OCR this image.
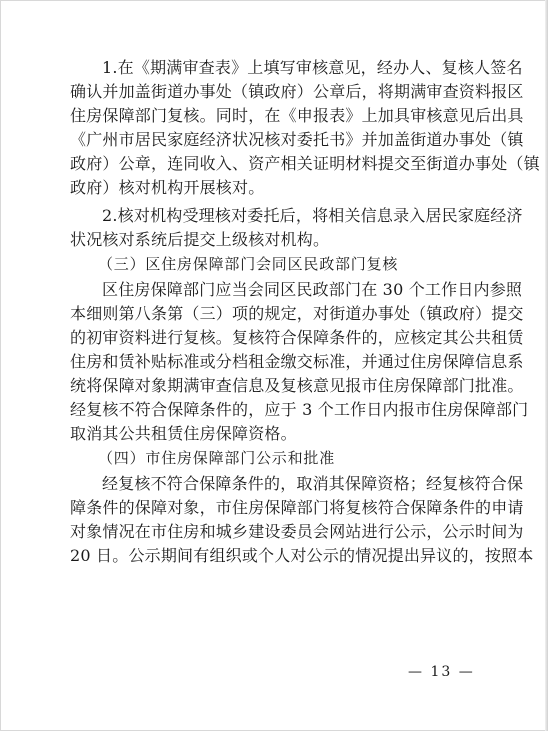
1.在《期满审查表》上填写审核意见，经办人、复核人签名
确认并加盖街道办事处（镇政府）公章后，将期满审查资料报区
住房保障部门复核。同时，在《申报表》上加具审核意见后出具
《广州市居民家庭经济状况核对委托书》并加盖街道办事处（镇
政府）公章，连同收入、资产相关证明材料提交至街道办事处（镇
政府）核对机构开展核对。
2.核对机构受理核对委托后，将相关信息录入居民家庭经济
状况核对系统后提交上级核对机构。
（三）区住房保障部门会同区民政部门复核
区住房保障部门应当会同区民政部门在 30 个工作日内参照
本细则第八条第（三）项的规定，对街道办事处（镇政府）提交
的初审资料进行复核。复核符合保障条件的，应核定其公共租赁
住房和赁补贴标准或分档租金缴交标准，并通过住房保障信息系
统将保障对象期满审查信息及复核意见报市住房保障部门批准。
经复核不符合保障条件的，应于 3 个工作日内报市住房保障部门
取消其公共租赁住房保障资格。
（四）市住房保障部门公示和批准
经复核不符合保障条件的，取消其保障资格；经复核符合保
障条件的保障对象，市住房保障部门将复核符合保障条件的申请
对象情况在市住房和城乡建设委员会网站进行公示，公示时间为
20 日。公示期间有组织或个人对公示的情况提出异议的，按照本
— 13 —
